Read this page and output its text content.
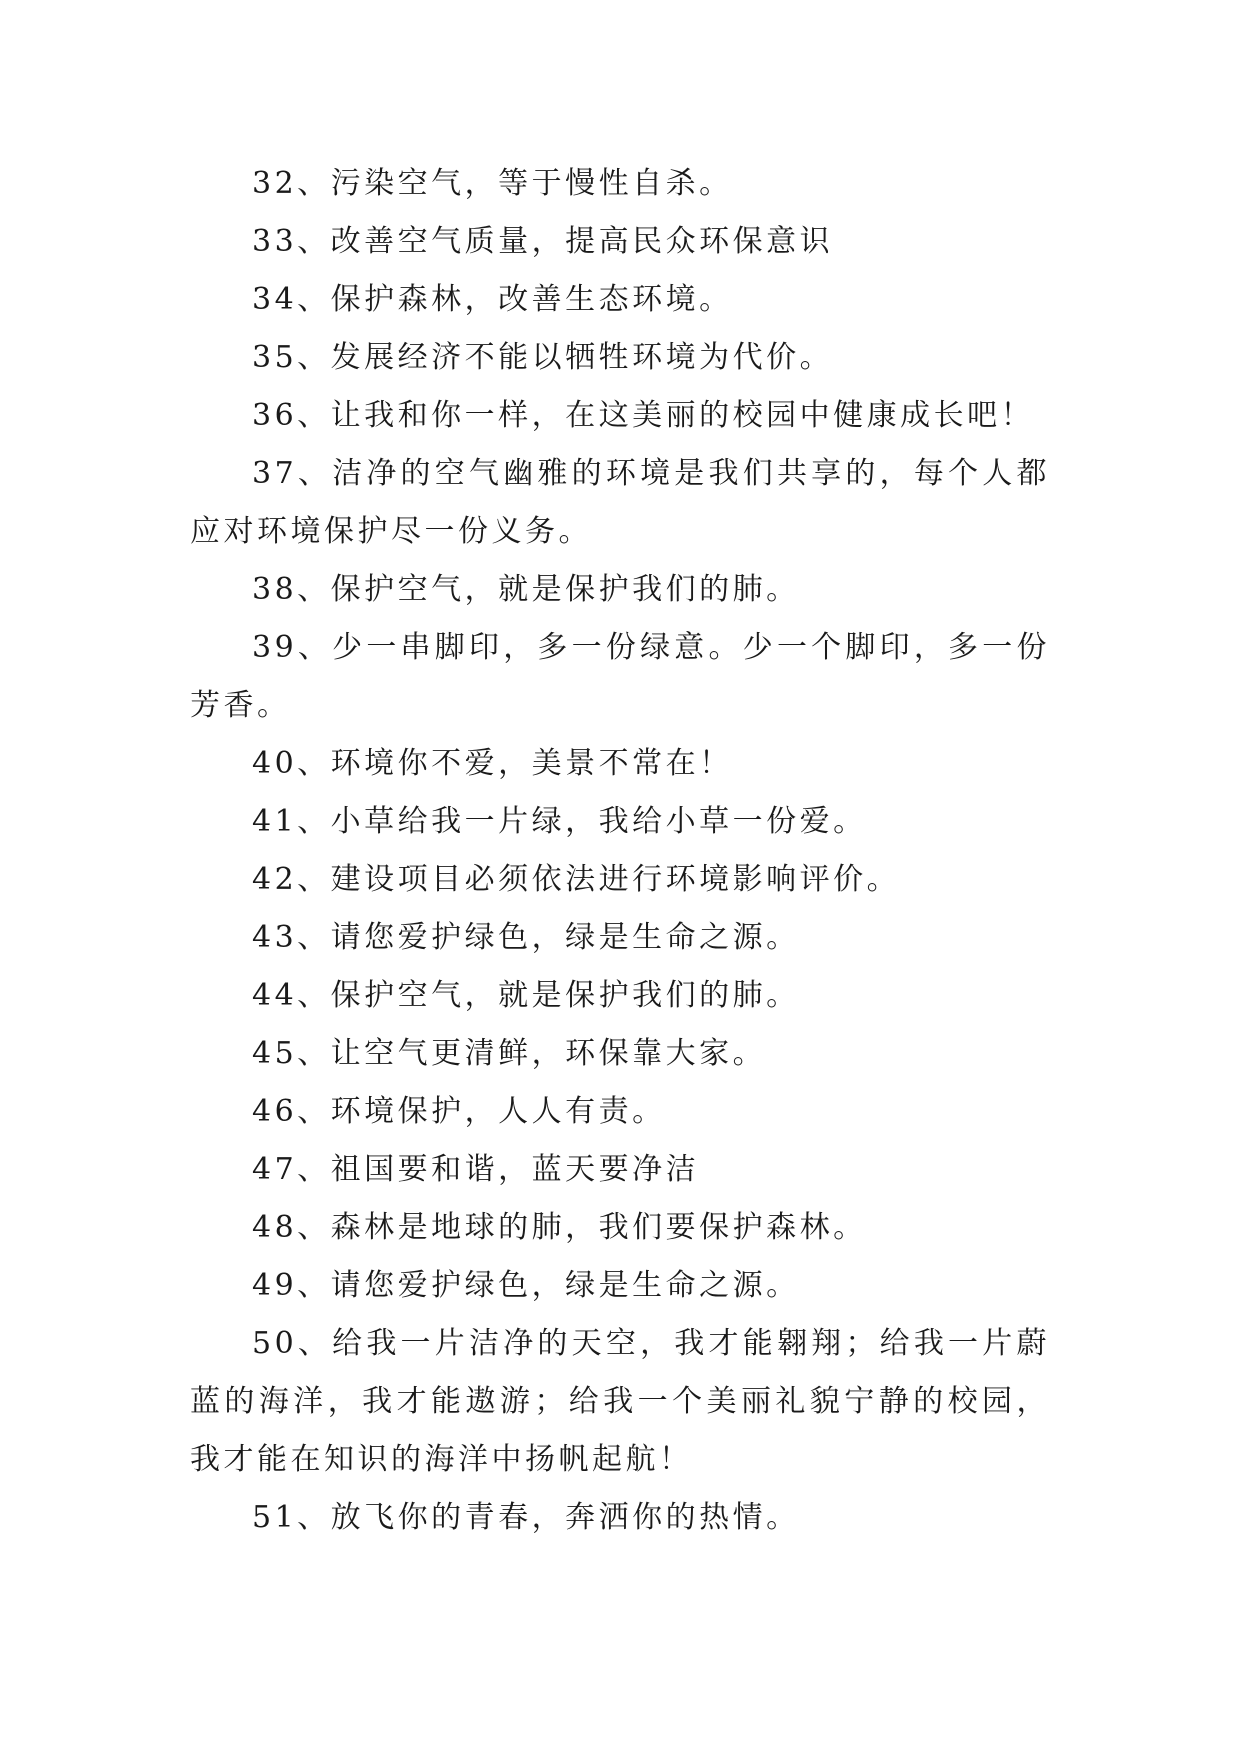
32、污染空气，等于慢性自杀。

33、改善空气质量，提高民众环保意识

34、保护森林，改善生态环境。

35、发展经济不能以牺牲环境为代价。

36、让我和你一样，在这美丽的校园中健康成长吧！

37、洁净的空气幽雅的环境是我们共享的，每个人都应对环境保护尽一份义务。

38、保护空气，就是保护我们的肺。

39、少一串脚印，多一份绿意。少一个脚印，多一份芳香。

40、环境你不爱，美景不常在！

41、小草给我一片绿，我给小草一份爱。

42、建设项目必须依法进行环境影响评价。

43、请您爱护绿色，绿是生命之源。

44、保护空气，就是保护我们的肺。

45、让空气更清鲜，环保靠大家。

46、环境保护，人人有责。

47、祖国要和谐，蓝天要净洁

48、森林是地球的肺，我们要保护森林。

49、请您爱护绿色，绿是生命之源。

50、给我一片洁净的天空，我才能翱翔；给我一片蔚蓝的海洋，我才能遨游；给我一个美丽礼貌宁静的校园，我才能在知识的海洋中扬帆起航！

51、放飞你的青春，奔洒你的热情。
